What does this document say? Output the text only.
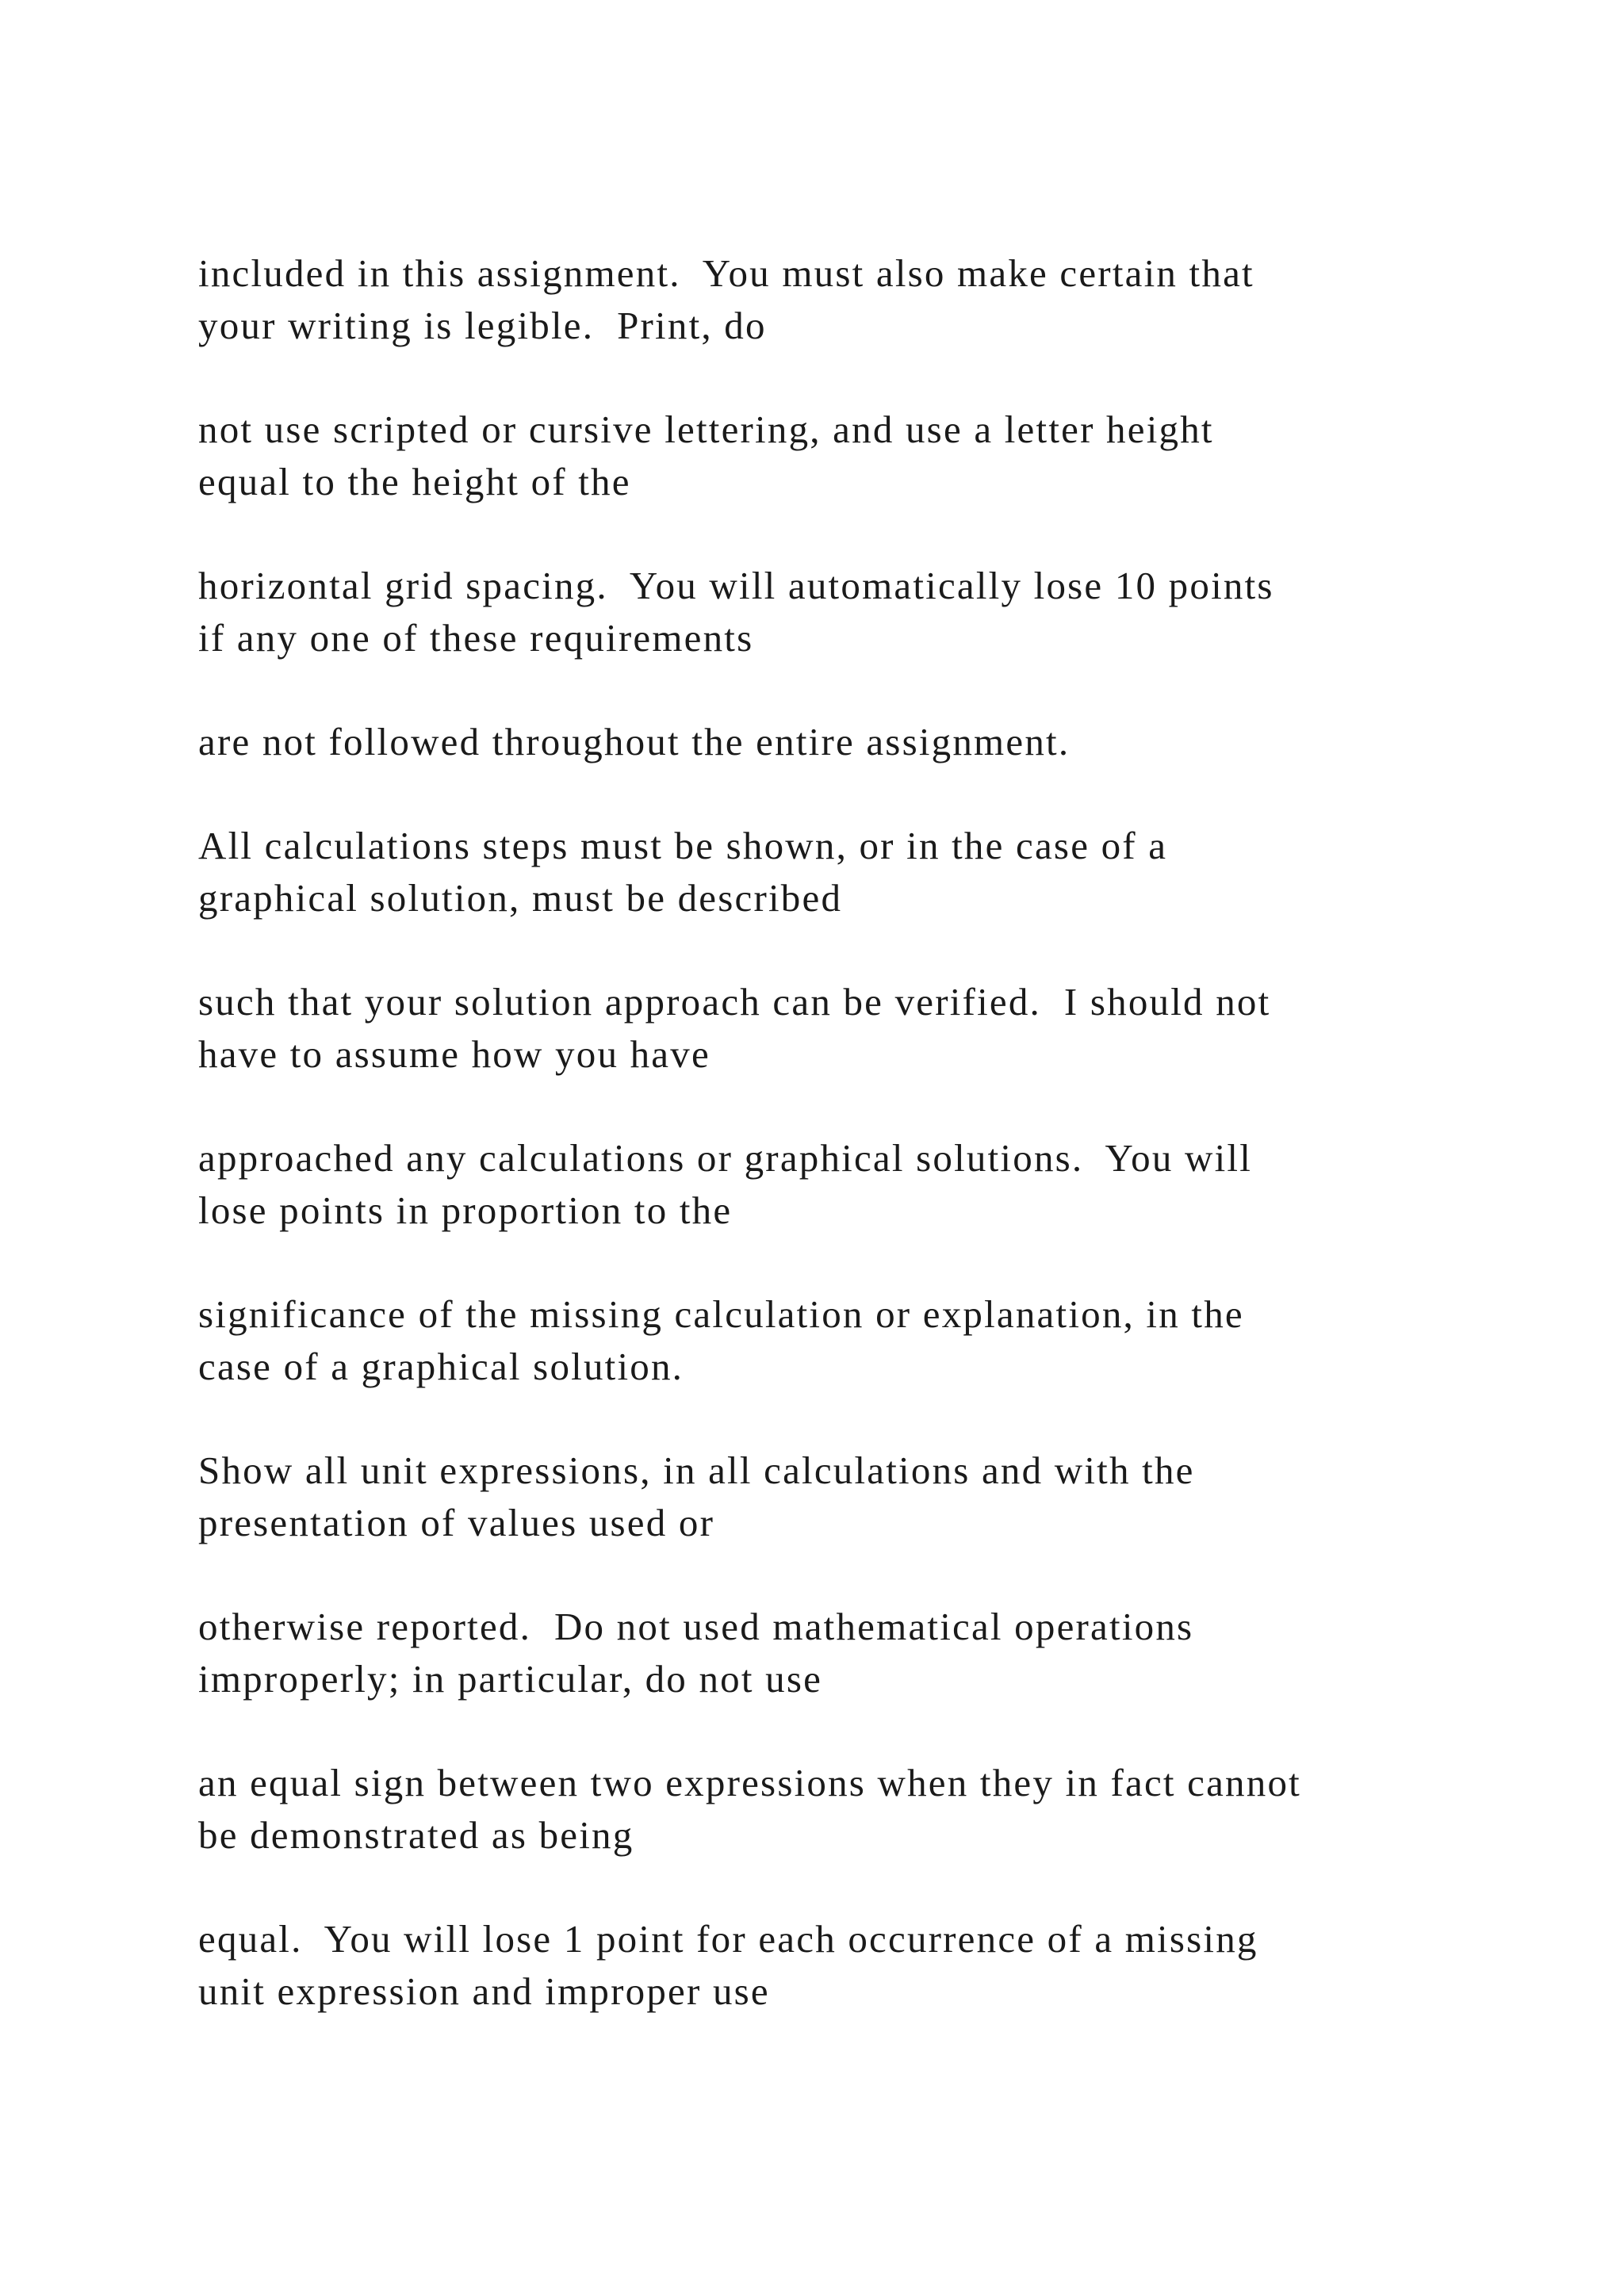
included in this assignment.  You must also make certain that
your writing is legible.  Print, do

not use scripted or cursive lettering, and use a letter height
equal to the height of the

horizontal grid spacing.  You will automatically lose 10 points
if any one of these requirements

are not followed throughout the entire assignment.

All calculations steps must be shown, or in the case of a
graphical solution, must be described

such that your solution approach can be verified.  I should not
have to assume how you have

approached any calculations or graphical solutions.  You will
lose points in proportion to the

significance of the missing calculation or explanation, in the
case of a graphical solution.

Show all unit expressions, in all calculations and with the
presentation of values used or

otherwise reported.  Do not used mathematical operations
improperly; in particular, do not use

an equal sign between two expressions when they in fact cannot
be demonstrated as being

equal.  You will lose 1 point for each occurrence of a missing
unit expression and improper use
